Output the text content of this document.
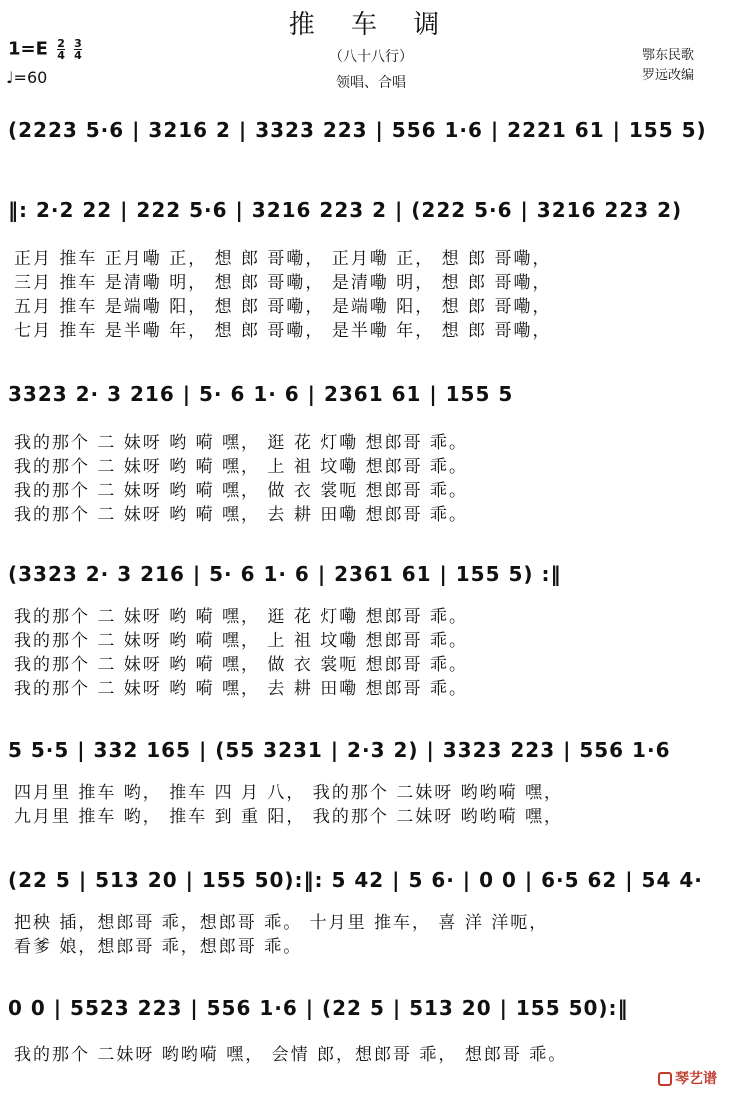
推 车 调
（八十八行）
领唱、合唱
$1=E \frac{2}{4}$
$\frac{3}{4}$
♩=60
鄂东民歌
罗远改编
(2223 5·6 | 3216 2 | 3323 223 | 556 1·6 | 2221 61 | 155 5)
‖: 2·2 22 | 222 5·6 | 3216 223 2 | (222 5·6 | 3216 223 2)
正月 推车 正月嘞 正， 想 郎 哥嘞， 正月嘞 正， 想 郎 哥嘞，
三月 推车 是清嘞 明， 想 郎 哥嘞， 是清嘞 明， 想 郎 哥嘞，
五月 推车 是端嘞 阳， 想 郎 哥嘞， 是端嘞 阳， 想 郎 哥嘞，
七月 推车 是半嘞 年， 想 郎 哥嘞， 是半嘞 年， 想 郎 哥嘞，
3323 2· 3 216 | 5· 6 1· 6 | 2361 61 | 155 5
我的那个 二 妹呀 哟 嗬 嘿， 逛 花 灯嘞 想郎哥 乖。
我的那个 二 妹呀 哟 嗬 嘿， 上 祖 坟嘞 想郎哥 乖。
我的那个 二 妹呀 哟 嗬 嘿， 做 衣 裳呃 想郎哥 乖。
我的那个 二 妹呀 哟 嗬 嘿， 去 耕 田嘞 想郎哥 乖。
(3323 2· 3 216 | 5· 6 1· 6 | 2361 61 | 155 5) :‖
我的那个 二 妹呀 哟 嗬 嘿， 逛 花 灯嘞 想郎哥 乖。
我的那个 二 妹呀 哟 嗬 嘿， 上 祖 坟嘞 想郎哥 乖。
我的那个 二 妹呀 哟 嗬 嘿， 做 衣 裳呃 想郎哥 乖。
我的那个 二 妹呀 哟 嗬 嘿， 去 耕 田嘞 想郎哥 乖。
5 5·5 | 332 165 | (55 3231 | 2·3 2) | 3323 223 | 556 1·6
四月里 推车 哟， 推车 四 月 八， 我的那个 二妹呀 哟哟嗬 嘿，
九月里 推车 哟， 推车 到 重 阳， 我的那个 二妹呀 哟哟嗬 嘿，
(22 5 | 513 20 | 155 50):‖: 5 42 | 5 6· | 0 0 | 6·5 62 | 54 4·
把秧 插，想郎哥 乖，想郎哥 乖。 十月里 推车， 喜 洋 洋呃，
看爹 娘，想郎哥 乖，想郎哥 乖。
0 0 | 5523 223 | 556 1·6 | (22 5 | 513 20 | 155 50):‖
我的那个 二妹呀 哟哟嗬 嘿， 会情 郎，想郎哥 乖， 想郎哥 乖。
琴艺谱
